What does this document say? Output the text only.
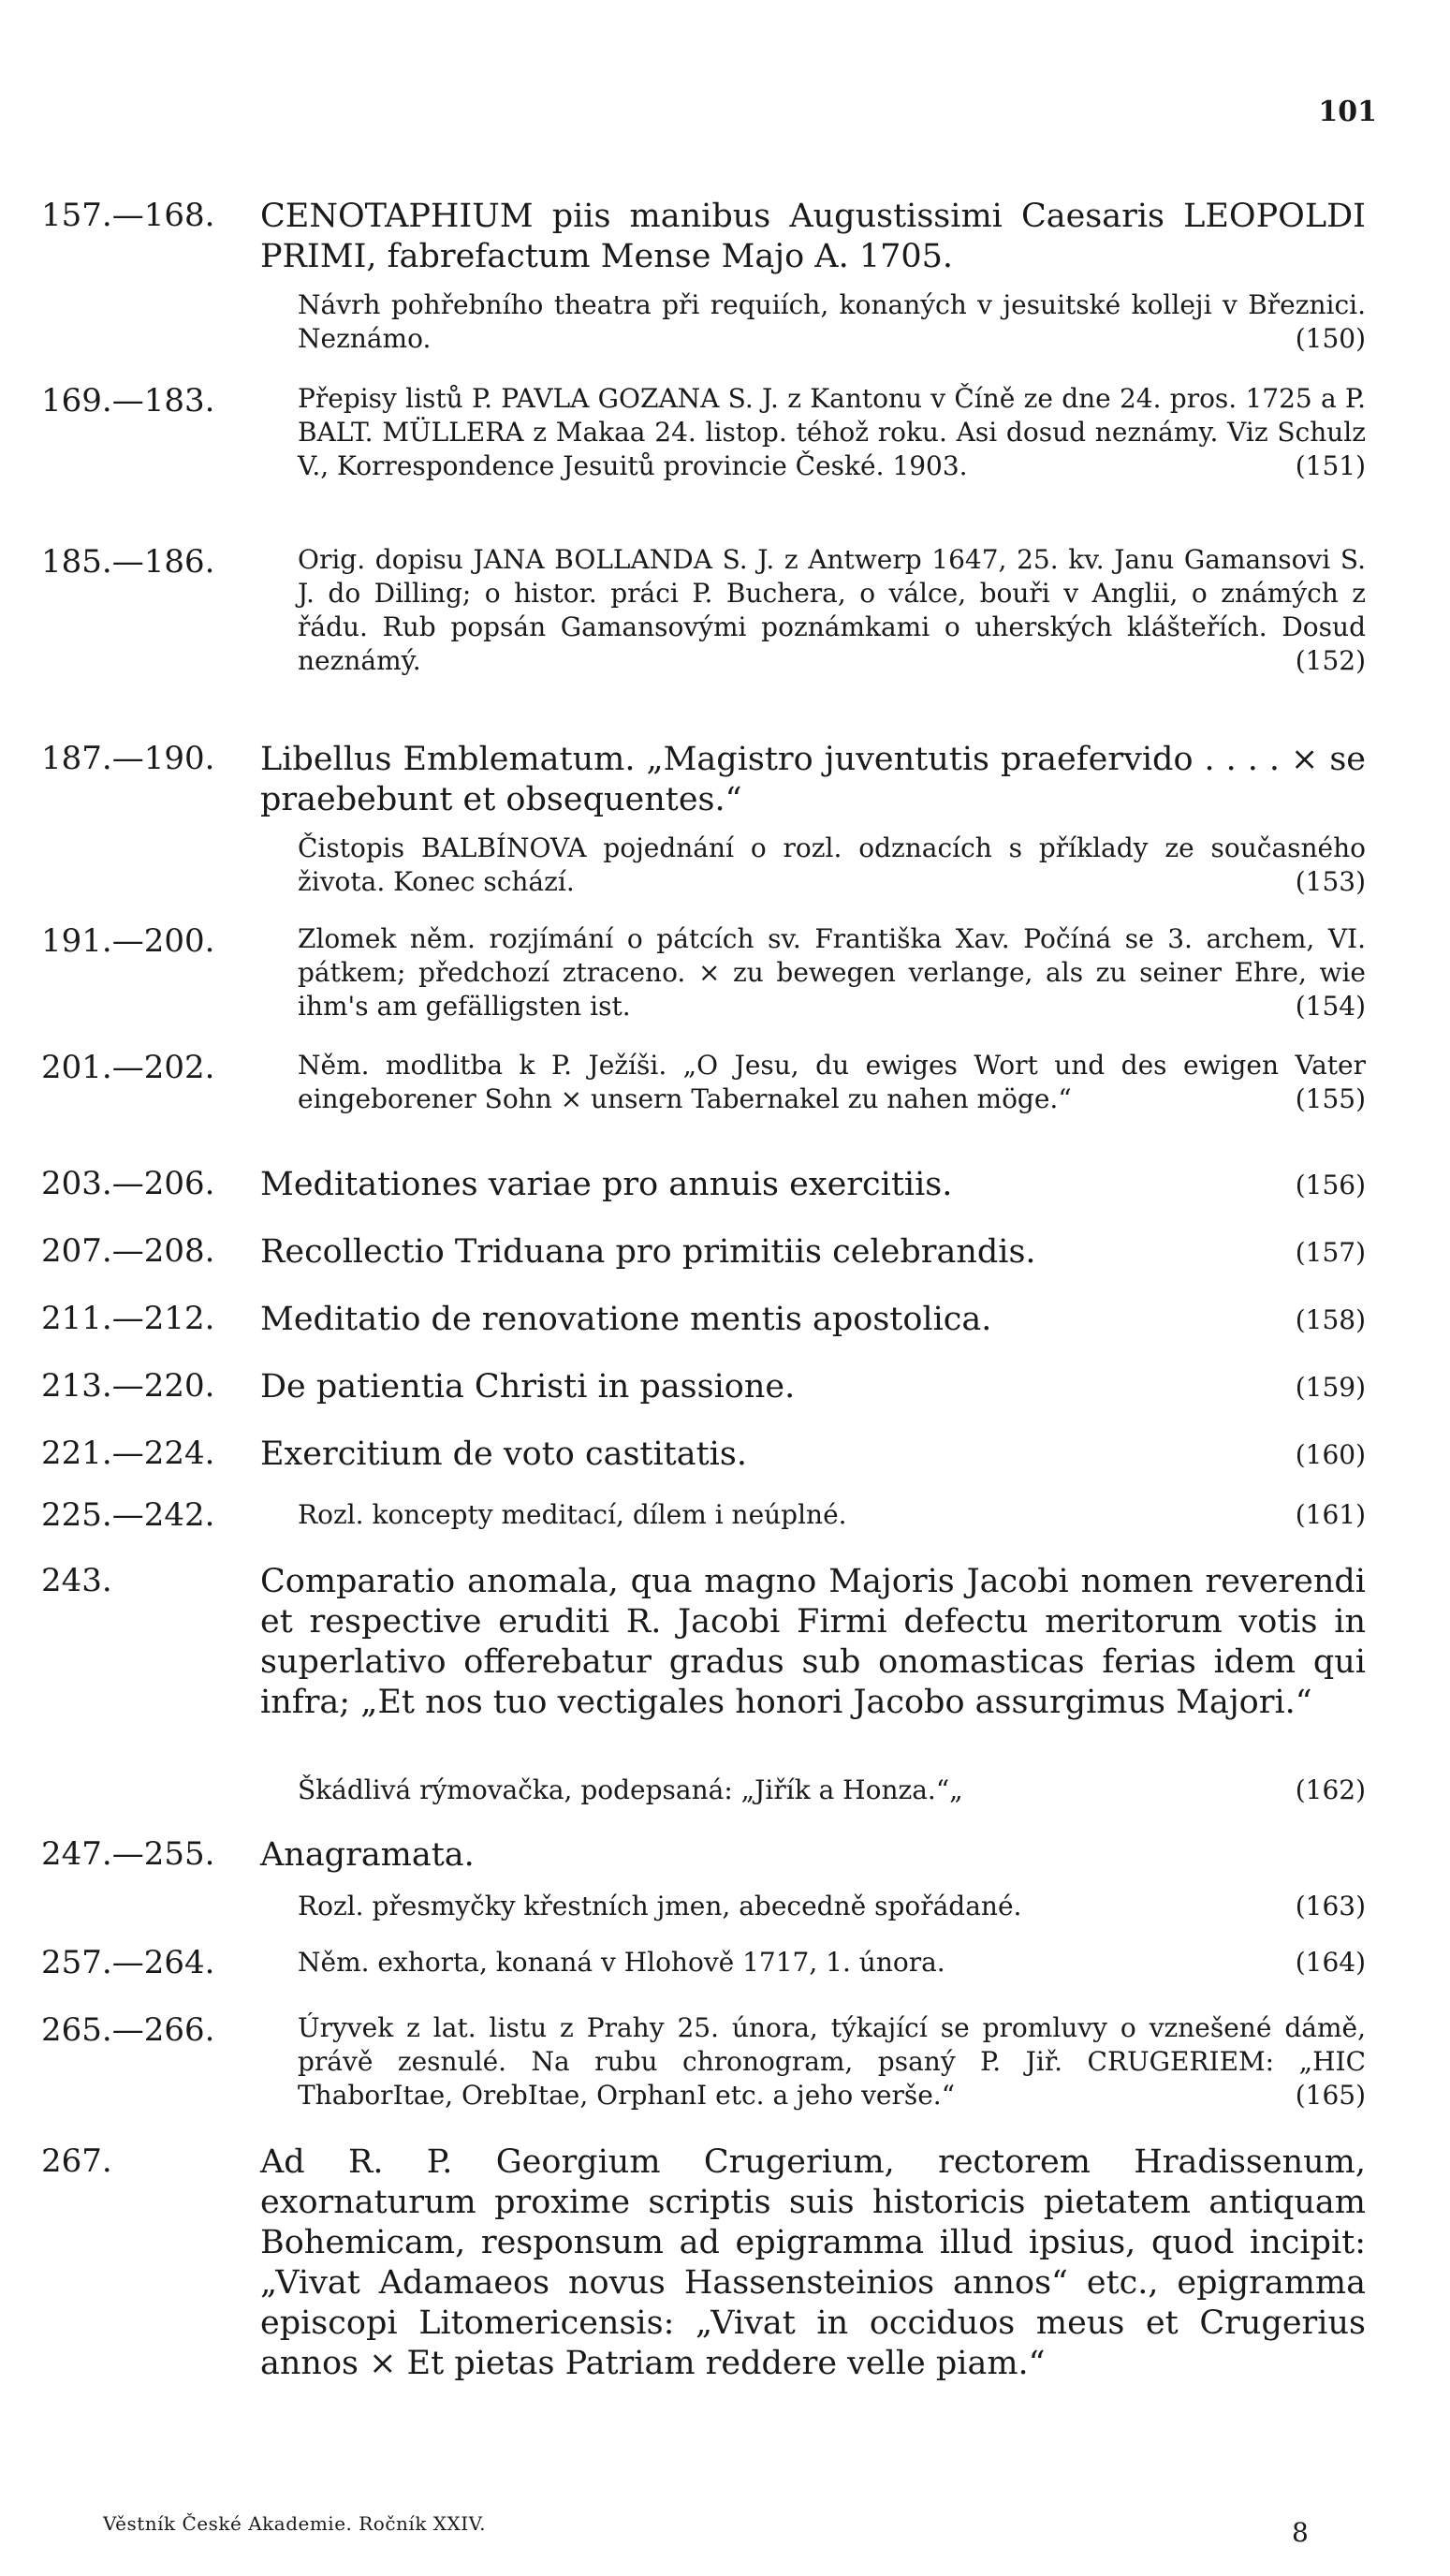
101
157.—168. CENOTAPHIUM piis manibus Augustissimi Caesaris LEOPOLDI PRIMI, fabrefactum Mense Majo A. 1705.
Návrh pohřebního theatra při requiích, konaných v jesuitské kolleji v Březnici. Neznámo.	(150)
169.—183.	Přepisy listů P. PAVLA GOZANA S. J. z Kantonu v Číně ze dne 24. pros. 1725 a P. BALT. MÜLLERA z Makaa 24. listop. téhož roku. Asi dosud neznámy. Viz Schulz V., Korrespondence Jesuitů provincie České. 1903.	(151)
185.—186.	Orig. dopisu JANA BOLLANDA S. J. z Antwerp 1647, 25. kv. Janu Gamansovi S. J. do Dilling; o histor. práci P. Buchera, o válce, bouři v Anglii, o známých z řádu. Rub popsán Gamansovými poznámkami o uherských klášteřích. Dosud neznámý.	(152)
187.—190. Libellus Emblematum. „Magistro juventutis praefervido . . . . × se praebebunt et obsequentes.“
Čistopis BALBÍNOVA pojednání o rozl. odznacích s příklady ze současného života. Konec schází.	(153)
191.—200.	Zlomek něm. rozjímání o pátcích sv. Františka Xav. Počíná se 3. archem, VI. pátkem; předchozí ztraceno. × zu bewegen verlange, als zu seiner Ehre, wie ihm's am gefälligsten ist.	(154)
201.—202.	Něm. modlitba k P. Ježíši. „O Jesu, du ewiges Wort und des ewigen Vater eingeborener Sohn × unsern Tabernakel zu nahen möge.“	(155)
203.—206. Meditationes variae pro annuis exercitiis.	(156)
207.—208. Recollectio Triduana pro primitiis celebrandis.	(157)
211.—212. Meditatio de renovatione mentis apostolica.	(158)
213.—220. De patientia Christi in passione.	(159)
221.—224. Exercitium de voto castitatis.	(160)
225.—242.	Rozl. koncepty meditací, dílem i neúplné.	(161)
243.	Comparatio anomala, qua magno Majoris Jacobi nomen reverendi et respective eruditi R. Jacobi Firmi defectu meritorum votis in superlativo offerebatur gradus sub onomasticas ferias idem qui infra; „Et nos tuo vectigales honori Jacobo assurgimus Majori.“
Škádlivá rýmovačka, podepsaná: „Jiřík a Honza.“„	(162)
247.—255. Anagramata.
Rozl. přesmyčky křestních jmen, abecedně spořádané.	(163)
257.—264.	Něm. exhorta, konaná v Hlohově 1717, 1. února.	(164)
265.—266.	Úryvek z lat. listu z Prahy 25. února, týkající se promluvy o vznešené dámě, právě zesnulé. Na rubu chronogram, psaný P. Jiř. CRUGERIEM: „HIC ThaborItae, OrebItae, OrphanI etc. a jeho verše.“	(165)
267.	Ad R. P. Georgium Crugerium, rectorem Hradissenum, exornaturum proxime scriptis suis historicis pietatem antiquam Bohemicam, responsum ad epigramma illud ipsius, quod incipit: „Vivat Adamaeos novus Hassensteinios annos“ etc., epigramma episcopi Litomericensis: „Vivat in occiduos meus et Crugerius annos × Et pietas Patriam reddere velle piam.“
Věstník České Akademie. Ročník XXIV.	8
